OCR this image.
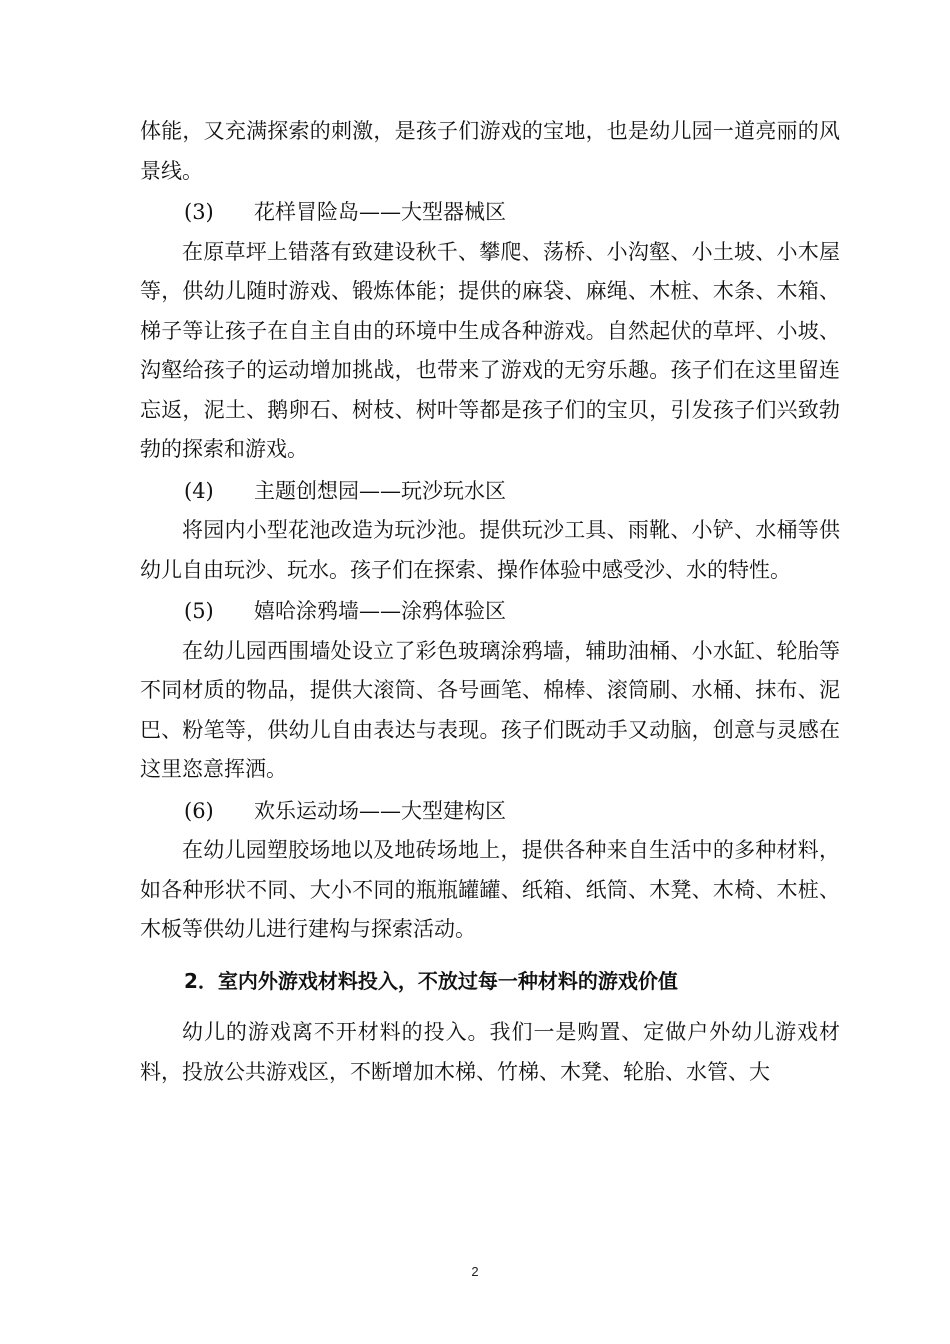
体能，又充满探索的刺激，是孩子们游戏的宝地，也是幼儿园一道亮丽的风景线。

(3) 花样冒险岛——大型器械区

在原草坪上错落有致建设秋千、攀爬、荡桥、小沟壑、小土坡、小木屋等，供幼儿随时游戏、锻炼体能；提供的麻袋、麻绳、木桩、木条、木箱、梯子等让孩子在自主自由的环境中生成各种游戏。自然起伏的草坪、小坡、沟壑给孩子的运动增加挑战，也带来了游戏的无穷乐趣。孩子们在这里留连忘返，泥土、鹅卵石、树枝、树叶等都是孩子们的宝贝，引发孩子们兴致勃勃的探索和游戏。

(4) 主题创想园——玩沙玩水区

将园内小型花池改造为玩沙池。提供玩沙工具、雨靴、小铲、水桶等供幼儿自由玩沙、玩水。孩子们在探索、操作体验中感受沙、水的特性。

(5) 嬉哈涂鸦墙——涂鸦体验区

在幼儿园西围墙处设立了彩色玻璃涂鸦墙，辅助油桶、小水缸、轮胎等不同材质的物品，提供大滚筒、各号画笔、棉棒、滚筒刷、水桶、抹布、泥巴、粉笔等，供幼儿自由表达与表现。孩子们既动手又动脑，创意与灵感在这里恣意挥洒。

(6) 欢乐运动场——大型建构区

在幼儿园塑胶场地以及地砖场地上，提供各种来自生活中的多种材料，如各种形状不同、大小不同的瓶瓶罐罐、纸箱、纸筒、木凳、木椅、木桩、木板等供幼儿进行建构与探索活动。

2．室内外游戏材料投入，不放过每一种材料的游戏价值

幼儿的游戏离不开材料的投入。我们一是购置、定做户外幼儿游戏材料，投放公共游戏区，不断增加木梯、竹梯、木凳、轮胎、水管、大

2
